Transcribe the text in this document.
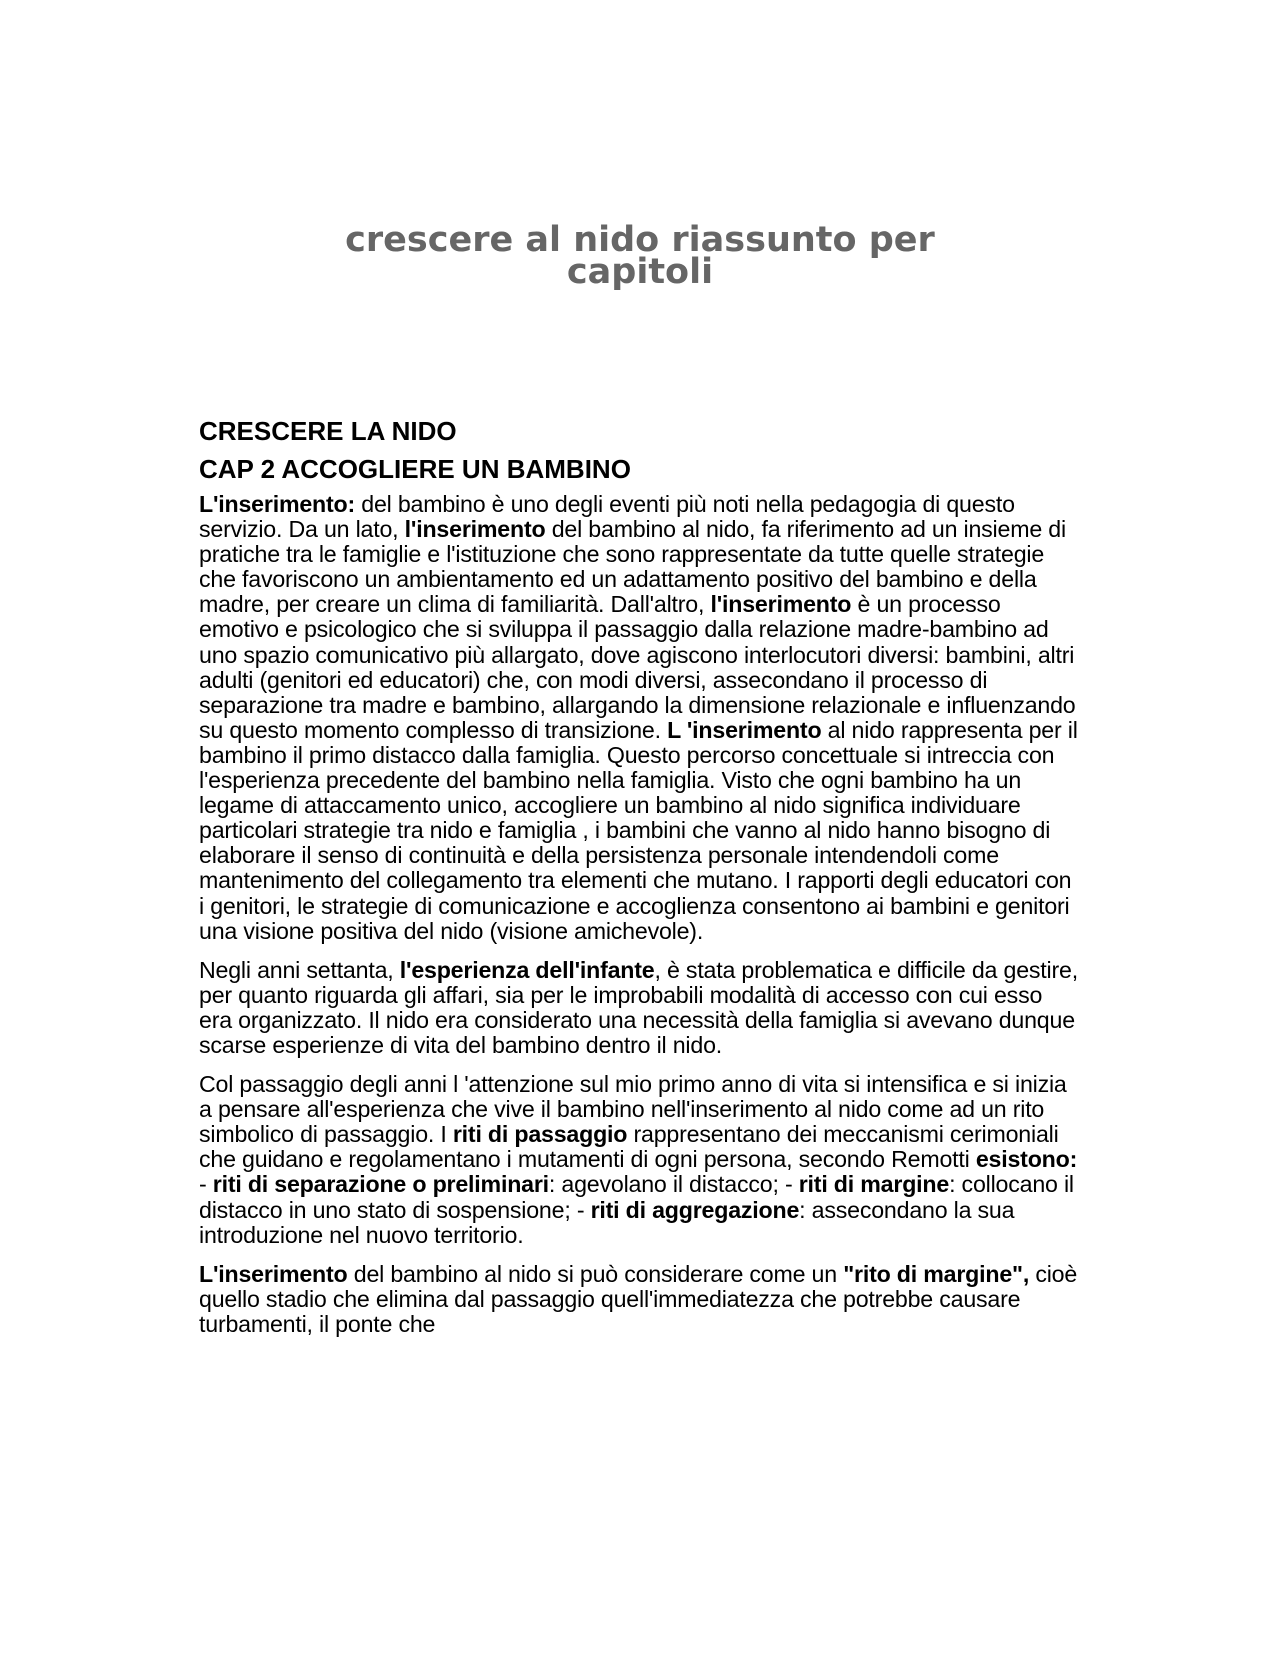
crescere al nido riassunto per capitoli
CRESCERE LA NIDO
CAP 2 ACCOGLIERE UN BAMBINO

L'inserimento: del bambino è uno degli eventi più noti nella pedagogia di questo servizio. Da un lato, l'inserimento del bambino al nido, fa riferimento ad un insieme di pratiche tra le famiglie e l'istituzione che sono rappresentate da tutte quelle strategie che favoriscono un ambientamento ed un adattamento positivo del bambino e della madre, per creare un clima di familiarità. Dall'altro, l'inserimento è un processo emotivo e psicologico che si sviluppa il passaggio dalla relazione madre-bambino ad uno spazio comunicativo più allargato, dove agiscono interlocutori diversi: bambini, altri adulti (genitori ed educatori) che, con modi diversi, assecondano il processo di separazione tra madre e bambino, allargando la dimensione relazionale e influenzando su questo momento complesso di transizione. L 'inserimento al nido rappresenta per il bambino il primo distacco dalla famiglia. Questo percorso concettuale si intreccia con l'esperienza precedente del bambino nella famiglia. Visto che ogni bambino ha un legame di attaccamento unico, accogliere un bambino al nido significa individuare particolari strategie tra nido e famiglia , i bambini che vanno al nido hanno bisogno di elaborare il senso di continuità e della persistenza personale intendendoli come mantenimento del collegamento tra elementi che mutano. I rapporti degli educatori con i genitori, le strategie di comunicazione e accoglienza consentono ai bambini e genitori una visione positiva del nido (visione amichevole).

Negli anni settanta, l'esperienza dell'infante, è stata problematica e difficile da gestire, per quanto riguarda gli affari, sia per le improbabili modalità di accesso con cui esso era organizzato. Il nido era considerato una necessità della famiglia si avevano dunque scarse esperienze di vita del bambino dentro il nido.

Col passaggio degli anni l 'attenzione sul mio primo anno di vita si intensifica e si inizia a pensare all'esperienza che vive il bambino nell'inserimento al nido come ad un rito simbolico di passaggio. I riti di passaggio rappresentano dei meccanismi cerimoniali che guidano e regolamentano i mutamenti di ogni persona, secondo Remotti esistono: - riti di separazione o preliminari: agevolano il distacco; - riti di margine: collocano il distacco in uno stato di sospensione; - riti di aggregazione: assecondano la sua introduzione nel nuovo territorio.

L'inserimento del bambino al nido si può considerare come un "rito di margine", cioè quello stadio che elimina dal passaggio quell'immediatezza che potrebbe causare turbamenti, il ponte che
